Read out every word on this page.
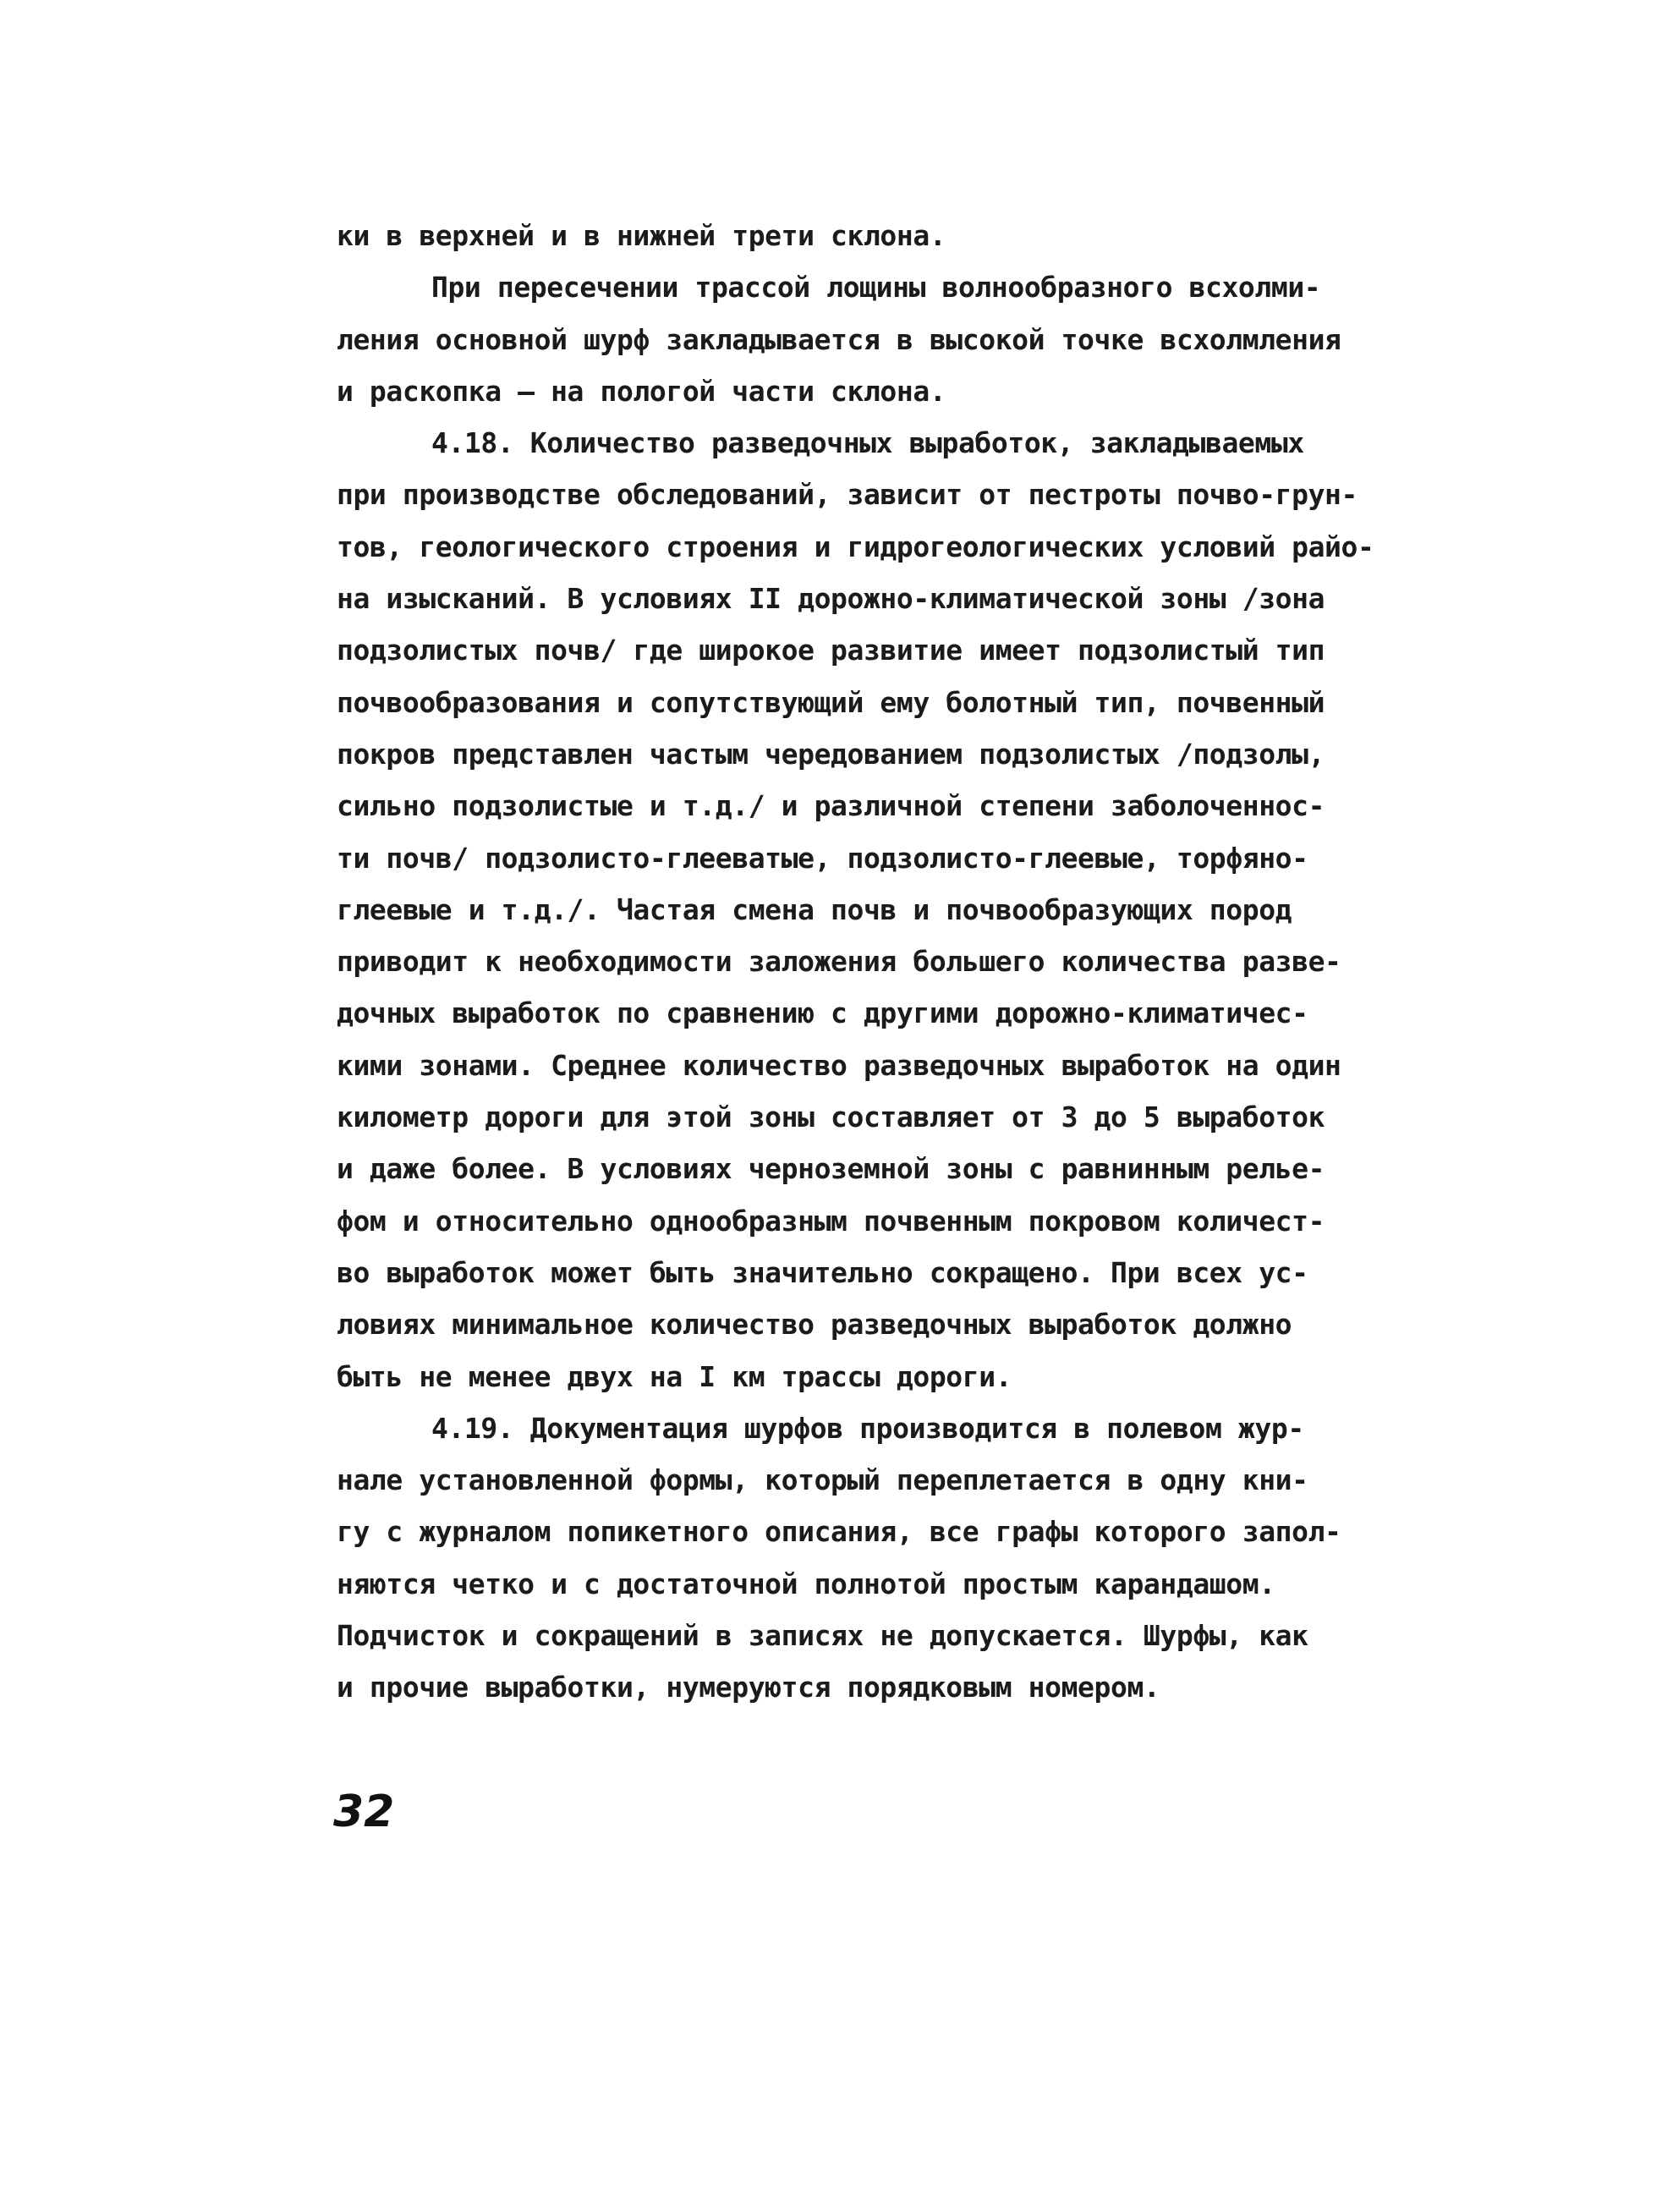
ки в верхней и в нижней трети склона.
При пересечении трассой лощины волнообразного всхолми-
ления основной шурф закладывается в высокой точке всхолмления
и раскопка – на пологой части склона.
4.18. Количество разведочных выработок, закладываемых
при производстве обследований, зависит от пестроты почво-грун-
тов, геологического строения и гидрогеологических условий райо-
на изысканий. В условиях II дорожно-климатической зоны /зона
подзолистых почв/ где широкое развитие имеет подзолистый тип
почвообразования и сопутствующий ему болотный тип, почвенный
покров представлен частым чередованием подзолистых /подзолы,
сильно подзолистые и т.д./ и различной степени заболоченнос-
ти почв/ подзолисто-глееватые, подзолисто-глеевые, торфяно-
глеевые и т.д./. Частая смена почв и почвообразующих пород
приводит к необходимости заложения большего количества разве-
дочных выработок по сравнению с другими дорожно-климатичес-
кими зонами. Среднее количество разведочных выработок на один
километр дороги для этой зоны составляет от 3 до 5 выработок
и даже более. В условиях черноземной зоны с равнинным релье-
фом и относительно однообразным почвенным покровом количест-
во выработок может быть значительно сокращено. При всех ус-
ловиях минимальное количество разведочных выработок должно
быть не менее двух на I км трассы дороги.
4.19. Документация шурфов производится в полевом жур-
нале установленной формы, который переплетается в одну кни-
гу с журналом попикетного описания, все графы которого запол-
няются четко и с достаточной полнотой простым карандашом.
Подчисток и сокращений в записях не допускается. Шурфы, как
и прочие выработки, нумеруются порядковым номером.
32
